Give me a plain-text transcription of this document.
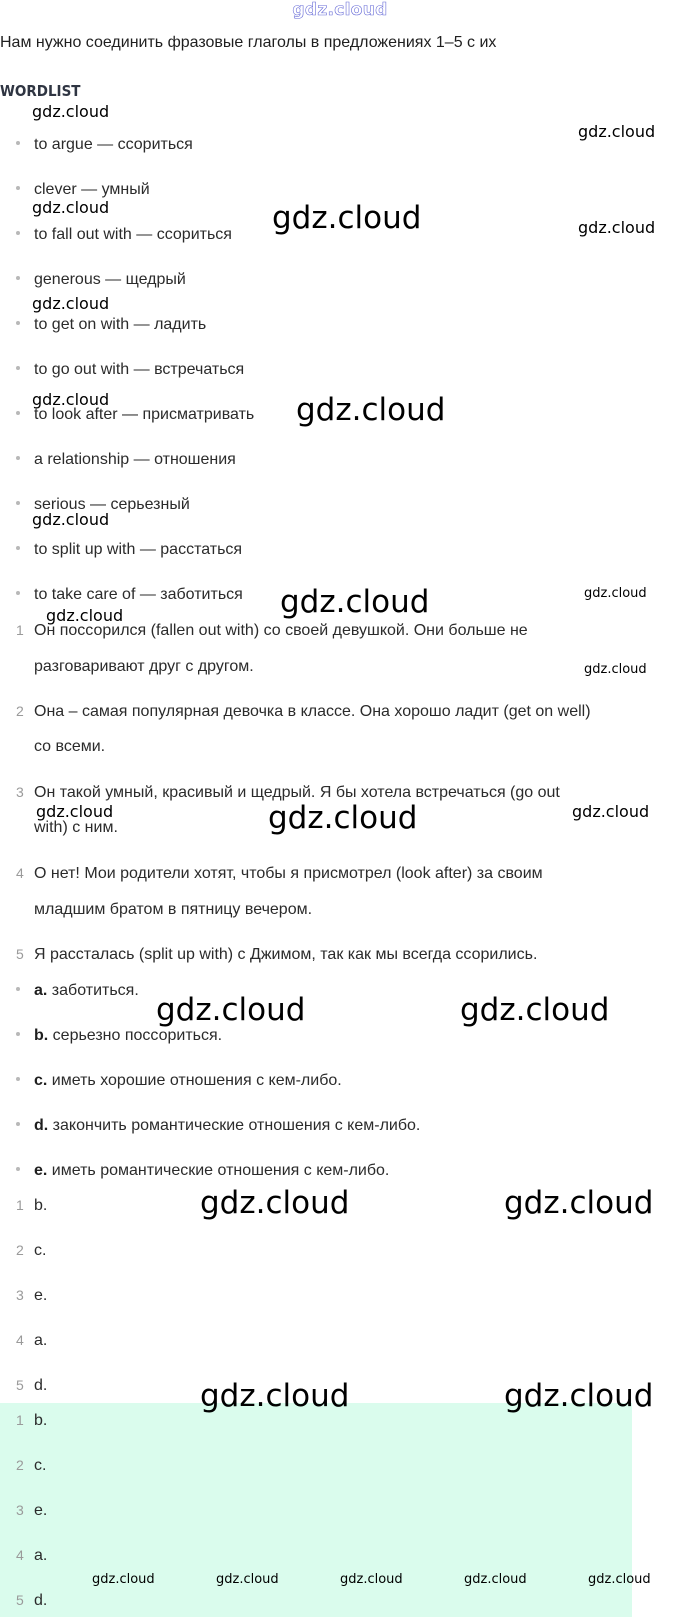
gdz.cloud
Нам нужно соединить фразовые глаголы в предложениях 1–5 с их
WORDLIST
to argue — ссориться
clever — умный
to fall out with — ссориться
generous — щедрый
to get on with — ладить
to go out with — встречаться
to look after — присматривать
a relationship — отношения
serious — серьезный
to split up with — расстаться
to take care of — заботиться
1 Он поссорился (fallen out with) со своей девушкой. Они больше не
разговаривают друг с другом.
2 Она – самая популярная девочка в классе. Она хорошо ладит (get on well)
со всеми.
3 Он такой умный, красивый и щедрый. Я бы хотела встречаться (go out
with) с ним.
4 О нет! Мои родители хотят, чтобы я присмотрел (look after) за своим
младшим братом в пятницу вечером.
5 Я рассталась (split up with) с Джимом, так как мы всегда ссорились.
a. заботиться.
b. серьезно поссориться.
c. иметь хорошие отношения с кем-либо.
d. закончить романтические отношения с кем-либо.
e. иметь романтические отношения с кем-либо.
1 b.
2 c.
3 e.
4 a.
5 d.
1 b.
2 c.
3 e.
4 a.
5 d.
gdz.cloud
gdz.cloud
gdz.cloud	gdz.cloud	gdz.cloud
gdz.cloud
gdz.cloud	gdz.cloud
gdz.cloud
gdz.cloud	gdz.cloud
gdz.cloud
gdz.cloud
gdz.cloud	gdz.cloud	gdz.cloud
gdz.cloud	gdz.cloud
gdz.cloud	gdz.cloud
gdz.cloud	gdz.cloud
gdz.cloud	gdz.cloud	gdz.cloud	gdz.cloud	gdz.cloud
